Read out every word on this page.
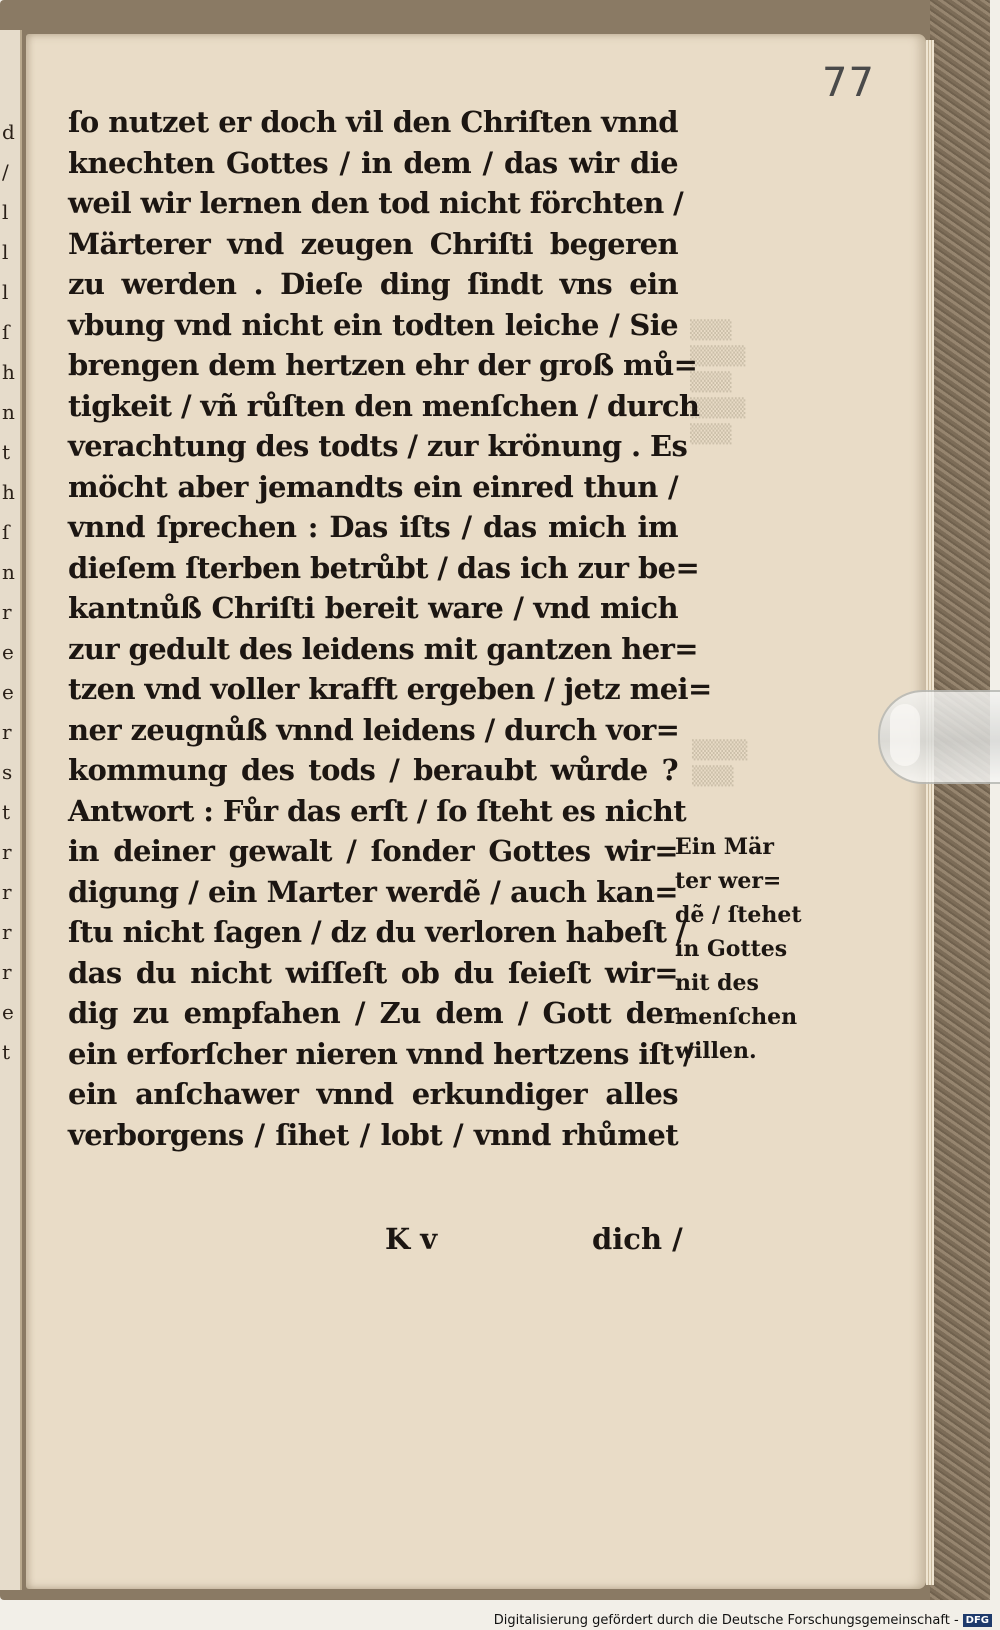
d
/
l
l
l
ſ
h
n
t
h
ſ
n
r
e
e
r
s
t
r
r
r
r
e
t
▒▒▒
▒▒▒▒
▒▒▒
▒▒▒▒
▒▒▒
▒▒▒▒
▒▒▒
77
ſo nutzet er doch vil den Chriſten vnnd
knechten Gottes / in dem / das wir die
weil wir lernen den tod nicht förchten /
Märterer vnd zeugen Chriſti begeren
zu werden . Dieſe ding ſindt vns ein
vbung vnd nicht ein todten leiche / Sie
brengen dem hertzen ehr der groß mů=
tigkeit / vñ růſten den menſchen / durch
verachtung des todts / zur krönung . Es
möcht aber jemandts ein einred thun /
vnnd ſprechen : Das iſts / das mich im
dieſem ſterben betrůbt / das ich zur be=
kantnůß Chriſti bereit ware / vnd mich
zur gedult des leidens mit gantzen her=
tzen vnd voller krafft ergeben / jetz mei=
ner zeugnůß vnnd leidens / durch vor=
kommung des tods / beraubt wůrde ?
Antwort : Fůr das erſt / ſo ſteht es nicht
in deiner gewalt / ſonder Gottes wir=
digung / ein Marter werdẽ / auch kan=
ſtu nicht ſagen / dz du verloren habeſt /
das du nicht wiſſeſt ob du ſeieſt wir=
dig zu empfahen / Zu dem / Gott der
ein erforſcher nieren vnnd hertzens iſt /
ein anſchawer vnnd erkundiger alles
verborgens / ſihet / lobt / vnnd rhůmet
K v	dich /
Ein Mär
ter wer=
dẽ / ſtehet
in Gottes
nit des
menſchen
willen.
Digitalisierung gefördert durch die Deutsche Forschungsgemeinschaft - DFG
